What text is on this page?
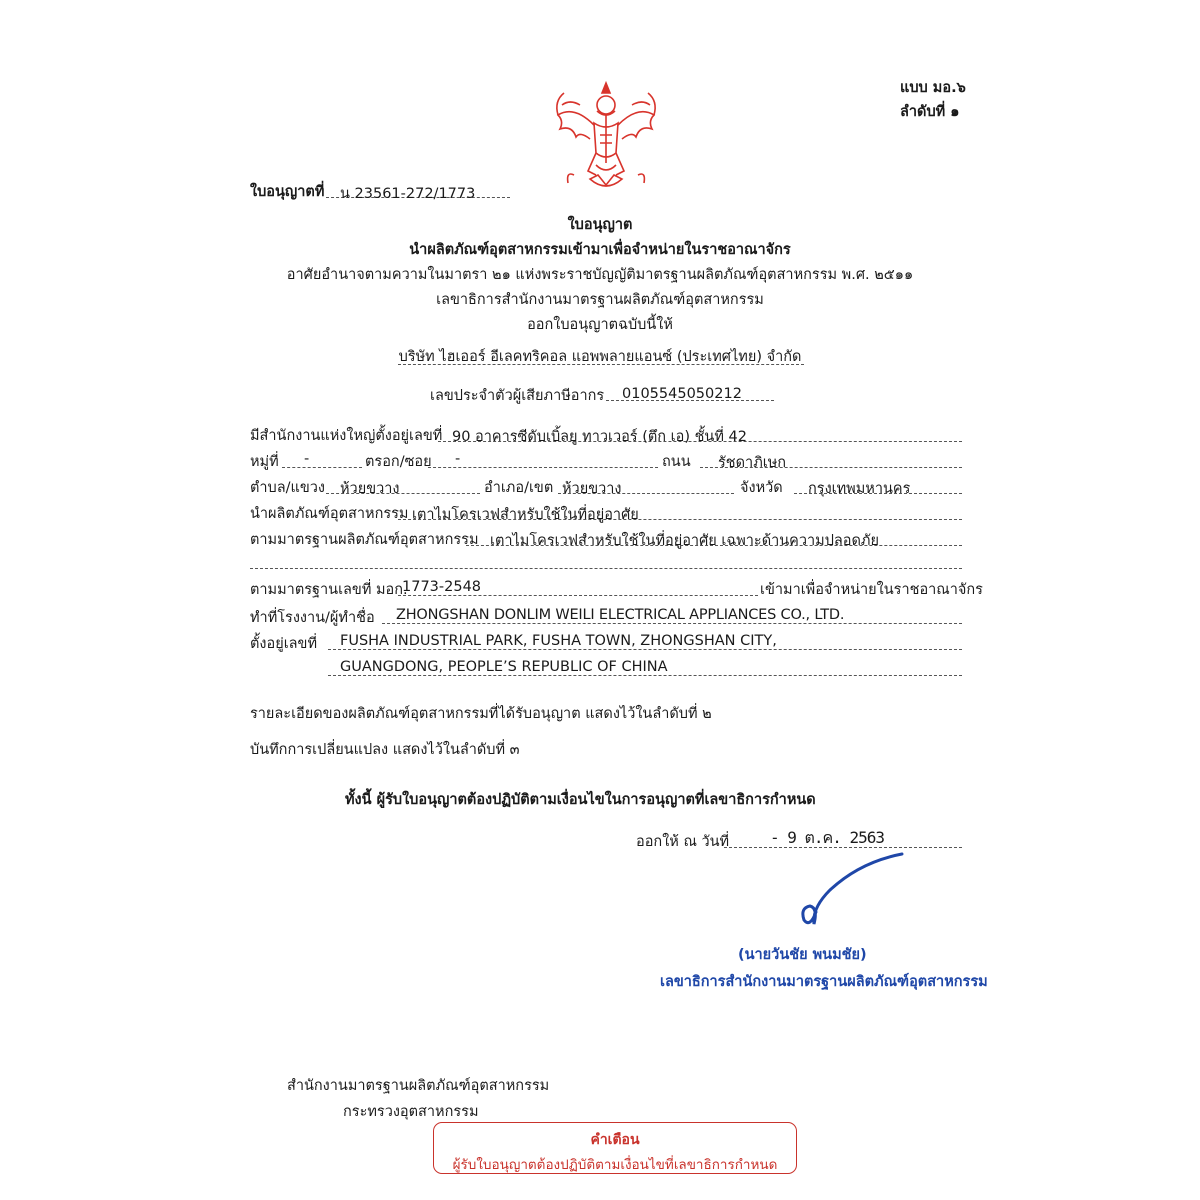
แบบ มอ.๖
ลำดับที่ ๑
ใบอนุญาตที่ น 23561-272/1773
ใบอนุญาต
นำผลิตภัณฑ์อุตสาหกรรมเข้ามาเพื่อจำหน่ายในราชอาณาจักร
อาศัยอำนาจตามความในมาตรา ๒๑ แห่งพระราชบัญญัติมาตรฐานผลิตภัณฑ์อุตสาหกรรม พ.ศ. ๒๕๑๑
เลขาธิการสำนักงานมาตรฐานผลิตภัณฑ์อุตสาหกรรม
ออกใบอนุญาตฉบับนี้ให้
บริษัท ไฮเออร์ อีเลคทริคอล แอพพลายแอนซ์ (ประเทศไทย) จำกัด
เลขประจำตัวผู้เสียภาษีอากร 0105545050212
มีสำนักงานแห่งใหญ่ตั้งอยู่เลขที่ 90 อาคารซีดับเบิ้ลยู ทาวเวอร์ (ตึก เอ) ชั้นที่ 42
หมู่ที่ -	ตรอก/ซอย -	ถนน รัชดาภิเษก
ตำบล/แขวง ห้วยขวาง	อำเภอ/เขต ห้วยขวาง	จังหวัด กรุงเทพมหานคร
นำผลิตภัณฑ์อุตสาหกรรม เตาไมโครเวฟสำหรับใช้ในที่อยู่อาศัย
ตามมาตรฐานผลิตภัณฑ์อุตสาหกรรม เตาไมโครเวฟสำหรับใช้ในที่อยู่อาศัย เฉพาะด้านความปลอดภัย
ตามมาตรฐานเลขที่ มอก.
1773-2548	เข้ามาเพื่อจำหน่ายในราชอาณาจักร
ทำที่โรงงาน/ผู้ทำชื่อ ZHONGSHAN DONLIM WEILI ELECTRICAL APPLIANCES CO., LTD.
ตั้งอยู่เลขที่ FUSHA INDUSTRIAL PARK, FUSHA TOWN, ZHONGSHAN CITY,
GUANGDONG, PEOPLE’S REPUBLIC OF CHINA
รายละเอียดของผลิตภัณฑ์อุตสาหกรรมที่ได้รับอนุญาต แสดงไว้ในลำดับที่ ๒
บันทึกการเปลี่ยนแปลง แสดงไว้ในลำดับที่ ๓
ทั้งนี้ ผู้รับใบอนุญาตต้องปฏิบัติตามเงื่อนไขในการอนุญาตที่เลขาธิการกำหนด
ออกให้ ณ วันที่	- 9 ต.ค. 2563
(นายวันชัย พนมชัย)
เลขาธิการสำนักงานมาตรฐานผลิตภัณฑ์อุตสาหกรรม
สำนักงานมาตรฐานผลิตภัณฑ์อุตสาหกรรม
กระทรวงอุตสาหกรรม
คำเตือน
ผู้รับใบอนุญาตต้องปฏิบัติตามเงื่อนไขที่เลขาธิการกำหนด
